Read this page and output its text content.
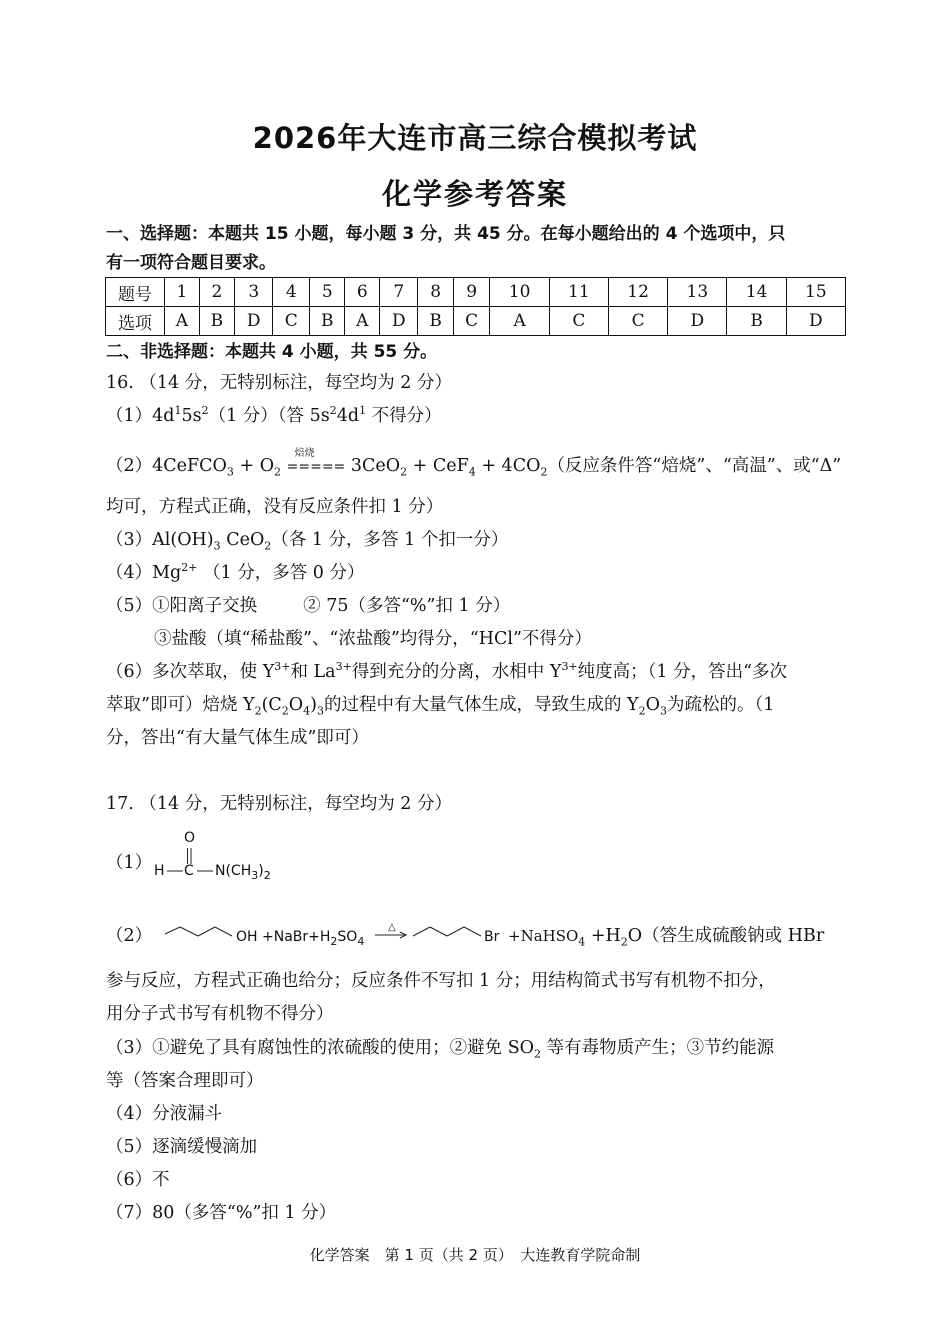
2026年大连市高三综合模拟考试
化学参考答案
一、选择题：本题共 15 小题，每小题 3 分，共 45 分。在每小题给出的 4 个选项中，只
有一项符合题目要求。
题号	1	2	3	4	5	6	7	8	9	10	11	12	13	14	15
选项	A	B	D	C	B	A	D	B	C	A	C	C	D	B	D
二、非选择题：本题共 4 小题，共 55 分。
16. （14 分，无特别标注，每空均为 2 分）
$(1)4d^15s^2(1$ 分）（答 $5s^24d^1$ 不得分）
（2）4CeFCO$_3$ + $O_2$
焙烧
===== $3CeO_2 + CeF_4 + 4CO_2$（反应条件答“焙烧”、“高温”、或“Δ”
均可，方程式正确，没有反应条件扣 1 分）
$(3)Al(OH)_3$ CeO$_2$（各 1 分，多答 1 个扣一分）
$(4)Mg^{2+}$ （1 分，多答 0 分）
（5）①阳离子交换	② 75（多答“%”扣 1 分）
③盐酸（填“稀盐酸”、“浓盐酸”均得分，“HCl”不得分）
（6）多次萃取，使 $Y^{3+}$和 $La^{3+}$得到充分的分离，水相中 $Y^{3+}$纯度高；（1 分，答出“多次
萃取”即可）焙烧 $Y_2(C_2O_4)_3$的过程中有大量气体生成，导致生成的 $Y_2O_3$为疏松的。（1
分，答出“有大量气体生成”即可）
17. （14 分，无特别标注，每空均为 2 分）
（1）
O
H C $N(CH_3)_2$
（2）	OH $+NaBr+H_2SO_4$
△
Br +NaHSO$_4$ $+H_2O$（答生成硫酸钠或 HBr
参与反应，方程式正确也给分；反应条件不写扣 1 分；用结构简式书写有机物不扣分，
用分子式书写有机物不得分）
（3）①避免了具有腐蚀性的浓硫酸的使用；②避免 $SO_2$ 等有毒物质产生；③节约能源
等（答案合理即可）
（4）分液漏斗
（5）逐滴缓慢滴加
（6）不
（7）80（多答“%”扣 1 分）
化学答案　第 1 页（共 2 页）　大连教育学院命制
